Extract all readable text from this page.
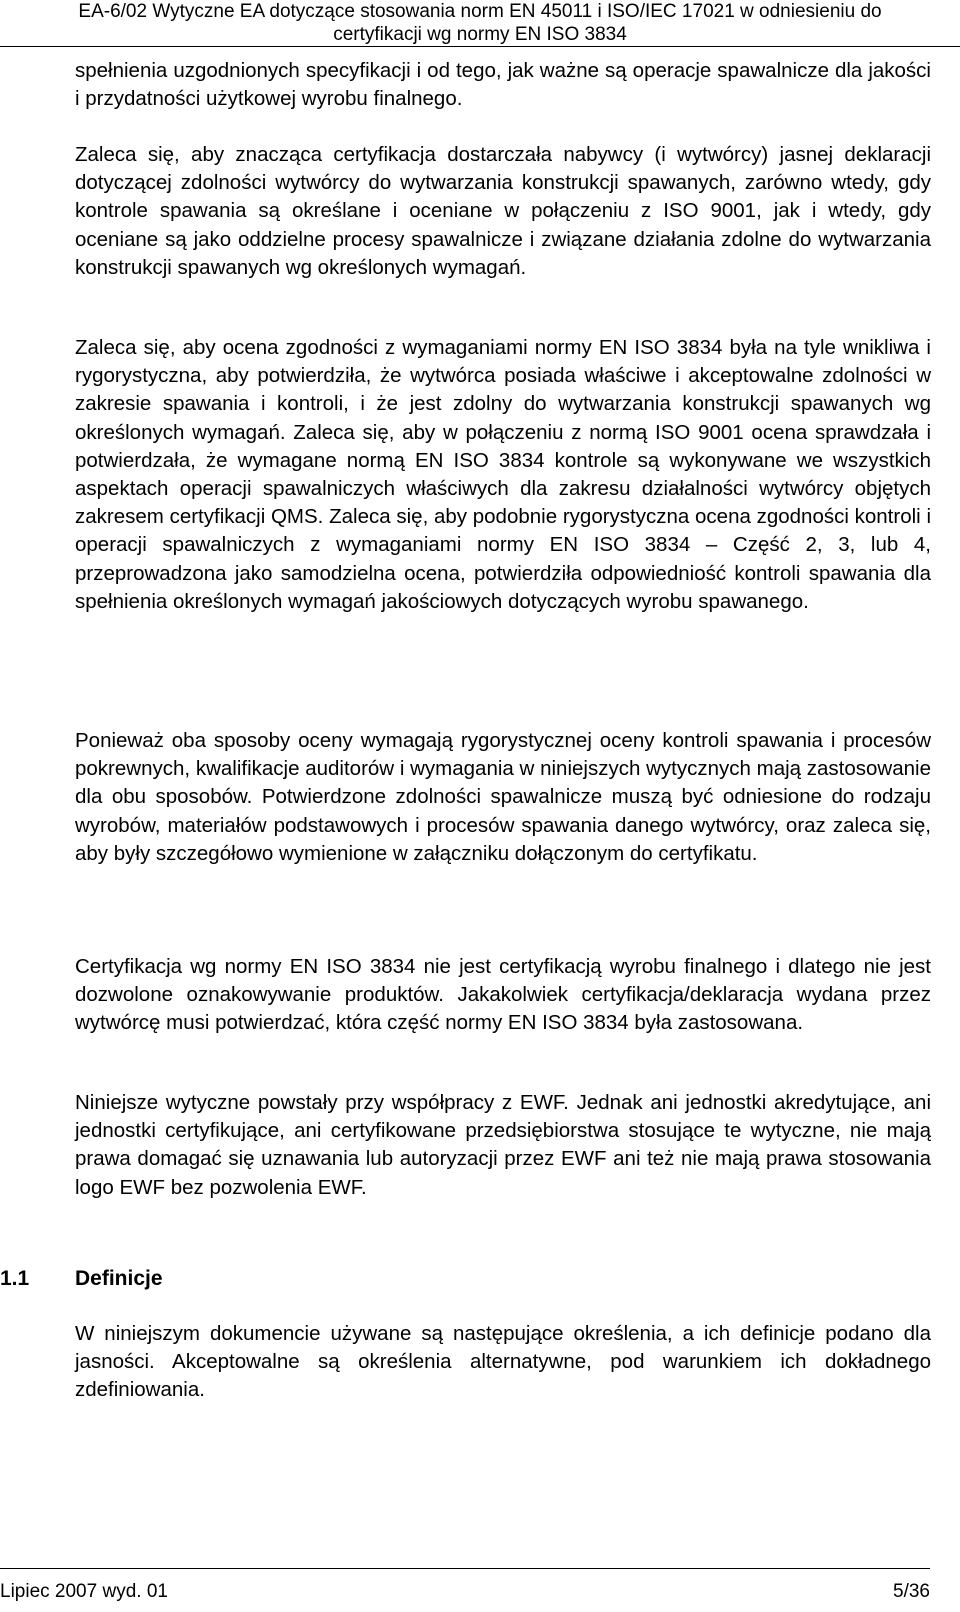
EA-6/02 Wytyczne EA dotyczące stosowania norm EN 45011 i ISO/IEC 17021 w odniesieniu do
certyfikacji wg normy EN ISO 3834

spełnienia uzgodnionych specyfikacji i od tego, jak ważne są operacje spawalnicze dla jakości i przydatności użytkowej wyrobu finalnego.

Zaleca się, aby znacząca certyfikacja dostarczała nabywcy (i wytwórcy) jasnej deklaracji dotyczącej zdolności wytwórcy do wytwarzania konstrukcji spawanych, zarówno wtedy, gdy kontrole spawania są określane i oceniane w połączeniu z ISO 9001, jak i wtedy, gdy oceniane są jako oddzielne procesy spawalnicze i związane działania zdolne do wytwarzania konstrukcji spawanych wg określonych wymagań.

Zaleca się, aby ocena zgodności z wymaganiami normy EN ISO 3834 była na tyle wnikliwa i rygorystyczna, aby potwierdziła, że wytwórca posiada właściwe i akceptowalne zdolności w zakresie spawania i kontroli, i że jest zdolny do wytwarzania konstrukcji spawanych wg określonych wymagań. Zaleca się, aby w połączeniu z normą ISO 9001 ocena sprawdzała i potwierdzała, że wymagane normą EN ISO 3834 kontrole są wykonywane we wszystkich aspektach operacji spawalniczych właściwych dla zakresu działalności wytwórcy objętych zakresem certyfikacji QMS. Zaleca się, aby podobnie rygorystyczna ocena zgodności kontroli i operacji spawalniczych z wymaganiami normy EN ISO 3834 – Część 2, 3, lub 4, przeprowadzona jako samodzielna ocena, potwierdziła odpowiedniość kontroli spawania dla spełnienia określonych wymagań jakościowych dotyczących wyrobu spawanego.

Ponieważ oba sposoby oceny wymagają rygorystycznej oceny kontroli spawania i procesów pokrewnych, kwalifikacje auditorów i wymagania w niniejszych wytycznych mają zastosowanie dla obu sposobów. Potwierdzone zdolności spawalnicze muszą być odniesione do rodzaju wyrobów, materiałów podstawowych i procesów spawania danego wytwórcy, oraz zaleca się, aby były szczegółowo wymienione w załączniku dołączonym do certyfikatu.

Certyfikacja wg normy EN ISO 3834 nie jest certyfikacją wyrobu finalnego i dlatego nie jest dozwolone oznakowywanie produktów. Jakakolwiek certyfikacja/deklaracja wydana przez wytwórcę musi potwierdzać, która część normy EN ISO 3834 była zastosowana.

Niniejsze wytyczne powstały przy współpracy z EWF. Jednak ani jednostki akredytujące, ani jednostki certyfikujące, ani certyfikowane przedsiębiorstwa stosujące te wytyczne, nie mają prawa domagać się uznawania lub autoryzacji przez EWF ani też nie mają prawa stosowania logo EWF bez pozwolenia EWF.

1.1 Definicje

W niniejszym dokumencie używane są następujące określenia, a ich definicje podano dla jasności. Akceptowalne są określenia alternatywne, pod warunkiem ich dokładnego zdefiniowania.

Lipiec 2007 wyd. 01	5/36
